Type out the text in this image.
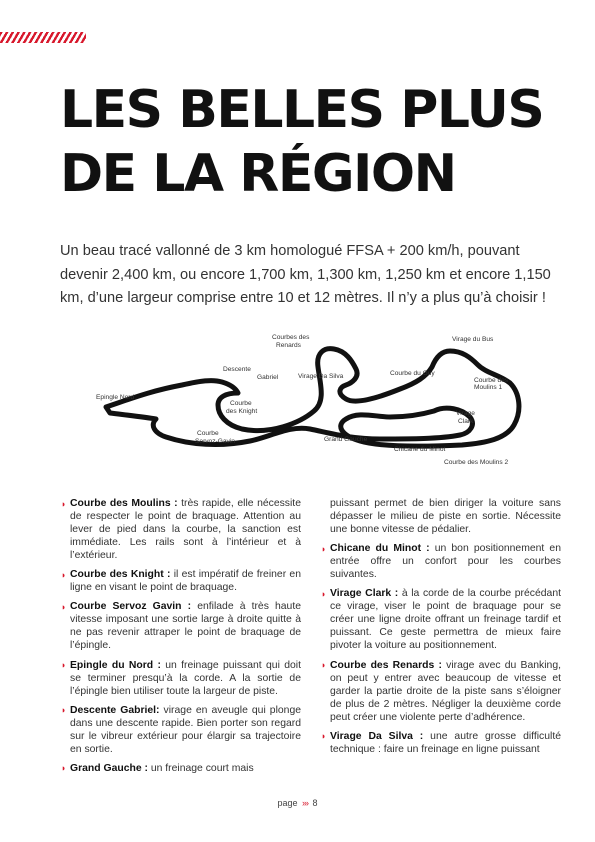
LES BELLES PLUS
DE LA RÉGION

Un beau tracé vallonné de 3 km homologué FFSA + 200 km/h, pouvant devenir 2,400 km, ou encore 1,700 km, 1,300 km, 1,250 km et encore 1,150 km, d’une largeur comprise entre 10 et 12 mètres. Il n’y a plus qu’à choisir !

Courbes des
Renards
Virage du Bus
Descente
Gabriel	Virage Da Silva	Courbe du Guy
Courbe des
Moulins 1
Epingle Nord
Courbe
des Knight	Virage
Clark
Courbe
Servoz-Gavin	Grand Gauche
Chicane du Minot
Courbe des Moulins 2
◗ Courbe des Moulins : très rapide, elle nécessite de respecter le point de braquage. Attention au lever de pied dans la courbe, la sanction est immédiate. Les rails sont à l’intérieur et à l’extérieur.
◗ Courbe des Knight : il est impératif de freiner en ligne en visant le point de braquage.
◗ Courbe Servoz Gavin : enfilade à très haute vitesse imposant une sortie large à droite quitte à ne pas revenir attraper le point de braquage de l’épingle.
◗ Epingle du Nord : un freinage puissant qui doit se terminer presqu’à la corde. A la sortie de l’épingle bien utiliser toute la largeur de piste.
◗ Descente Gabriel: virage en aveugle qui plonge dans une descente rapide. Bien porter son regard sur le vibreur extérieur pour élargir sa trajectoire en sortie.
◗ Grand Gauche : un freinage court mais
puissant permet de bien diriger la voiture sans dépasser le milieu de piste en sortie. Nécessite une bonne vitesse de pédalier.
◗ Chicane du Minot : un bon positionnement en entrée offre un confort pour les courbes suivantes.
◗ Virage Clark : à la corde de la courbe précédant ce virage, viser le point de braquage pour se créer une ligne droite offrant un freinage tardif et puissant. Ce geste permettra de mieux faire pivoter la voiture au positionnement.
◗ Courbe des Renards : virage avec du Banking, on peut y entrer avec beaucoup de vitesse et garder la partie droite de la piste sans s’éloigner de plus de 2 mètres. Négliger la deuxième corde peut créer une violente perte d’adhérence.
◗ Virage Da Silva : une autre grosse difficulté technique : faire un freinage en ligne puissant
page ››› 8
